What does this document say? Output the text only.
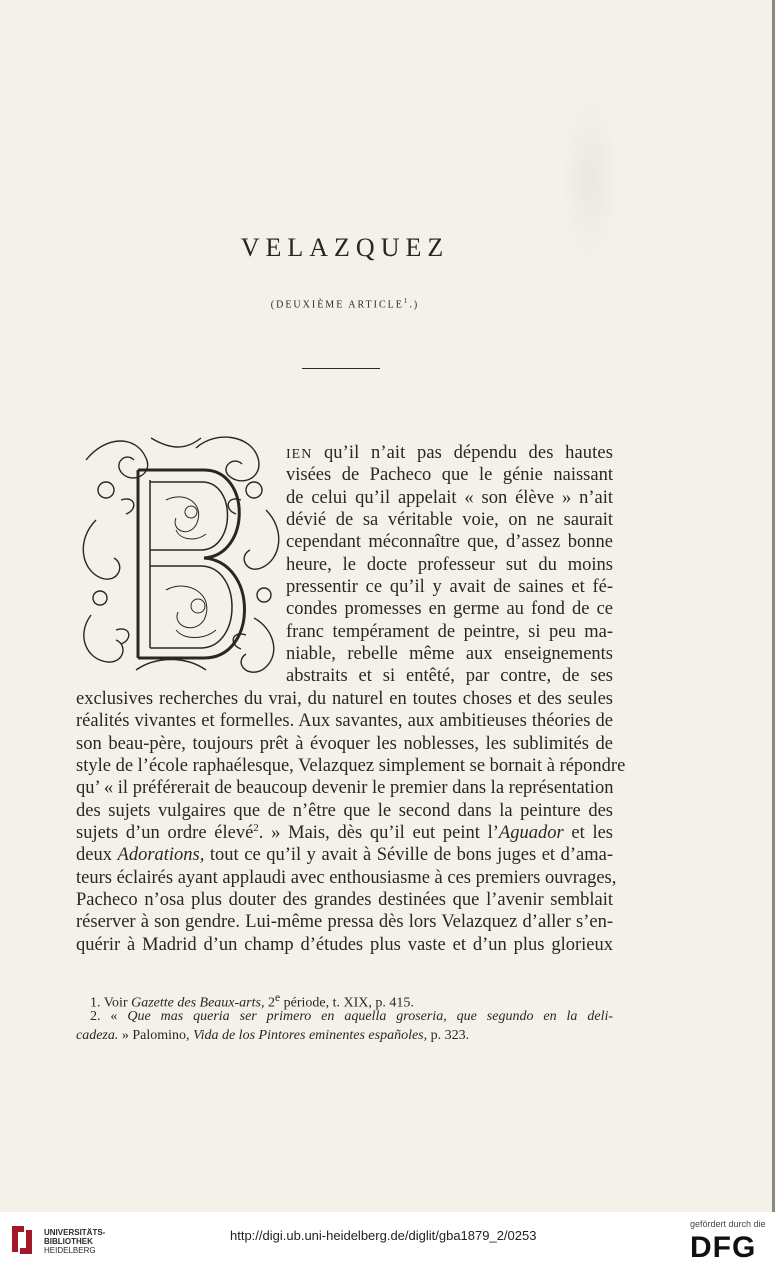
VELAZQUEZ
(DEUXIÈME ARTICLE$^1$.)
IEN qu’il n’ait pas dépendu des hautes
visées de Pacheco que le génie naissant
de celui qu’il appelait « son élève » n’ait
dévié de sa véritable voie, on ne saurait
cependant méconnaître que, d’assez bonne
heure, le docte professeur sut du moins
pressentir ce qu’il y avait de saines et fé-
condes promesses en germe au fond de ce
franc tempérament de peintre, si peu ma-
niable, rebelle même aux enseignements
abstraits et si entêté, par contre, de ses
exclusives recherches du vrai, du naturel en toutes choses et des seules
réalités vivantes et formelles. Aux savantes, aux ambitieuses théories de
son beau-père, toujours prêt à évoquer les noblesses, les sublimités de
style de l’école raphaélesque, Velazquez simplement se bornait à répondre
qu’ « il préférerait de beaucoup devenir le premier dans la représentation
des sujets vulgaires que de n’être que le second dans la peinture des
sujets d’un ordre élevé$^2$. » Mais, dès qu’il eut peint l’Aguador et les
deux Adorations, tout ce qu’il y avait à Séville de bons juges et d’ama-
teurs éclairés ayant applaudi avec enthousiasme à ces premiers ouvrages,
Pacheco n’osa plus douter des grandes destinées que l’avenir semblait
réserver à son gendre. Lui-même pressa dès lors Velazquez d’aller s’en-
quérir à Madrid d’un champ d’études plus vaste et d’un plus glorieux
1. Voir Gazette des Beaux-arts, 2e période, t. XIX, p. 415.
2. « Que mas queria ser primero en aquella groseria, que segundo en la deli-
cadeza. » Palomino, Vida de los Pintores eminentes españoles, p. 323.
UNIVERSITÄTS-
BIBLIOTHEK
HEIDELBERG
http://digi.ub.uni-heidelberg.de/diglit/gba1879_2/0253
gefördert durch die
DFG
